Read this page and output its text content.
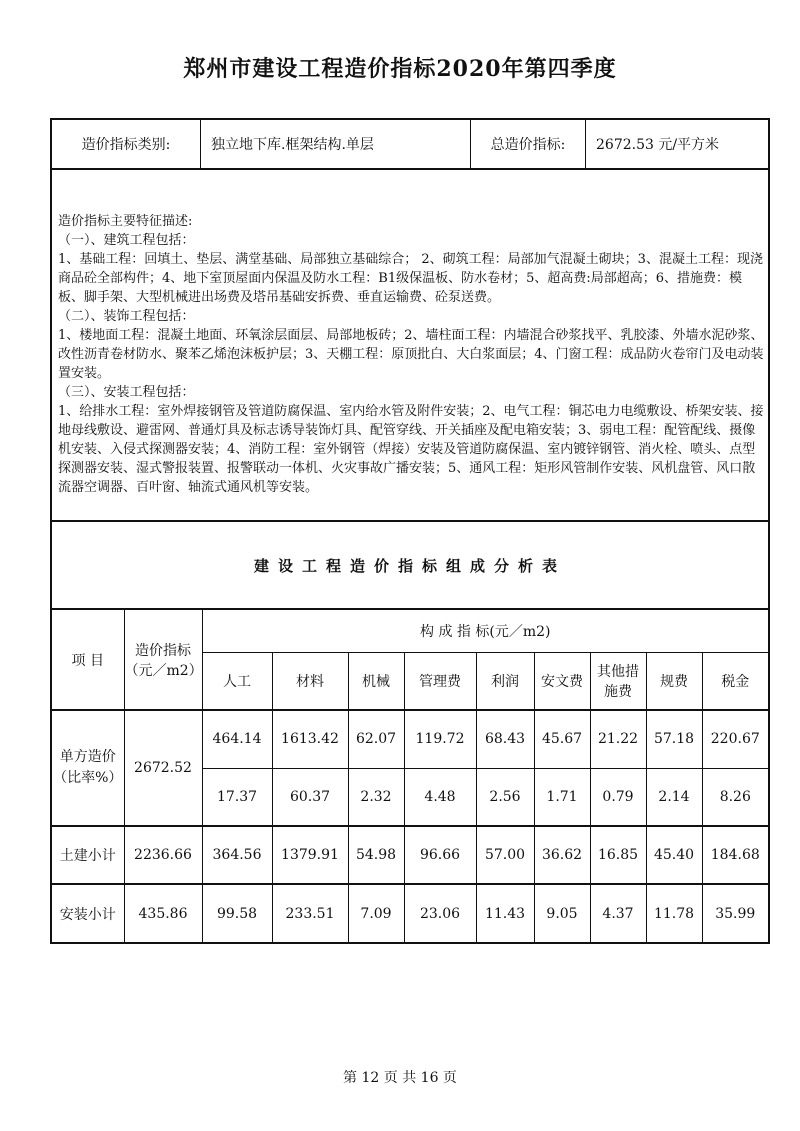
郑州市建设工程造价指标2020年第四季度
造价指标类别:	独立地下库.框架结构.单层	总造价指标:	2672.53 元/平方米

造价指标主要特征描述:

（一）、建筑工程包括：

1、基础工程：回填土、垫层、满堂基础、局部独立基础综合； 2、砌筑工程：局部加气混凝土砌块；3、混凝土工程：现浇商品砼全部构件；4、地下室顶屋面内保温及防水工程：B1级保温板、防水卷材；5、超高费:局部超高；6、措施费：模板、脚手架、大型机械进出场费及塔吊基础安拆费、垂直运输费、砼泵送费。

（二）、装饰工程包括：

1、楼地面工程：混凝土地面、环氧涂层面层、局部地板砖；2、墙柱面工程：内墙混合砂浆找平、乳胶漆、外墙水泥砂浆、改性沥青卷材防水、聚苯乙烯泡沫板护层；3、天棚工程：原顶批白、大白浆面层；4、门窗工程：成品防火卷帘门及电动装置安装。

（三）、安装工程包括：

1、给排水工程：室外焊接钢管及管道防腐保温、室内给水管及附件安装；2、电气工程：铜芯电力电缆敷设、桥架安装、接地母线敷设、避雷网、普通灯具及标志诱导装饰灯具、配管穿线、开关插座及配电箱安装；3、弱电工程：配管配线、摄像机安装、入侵式探测器安装；4、消防工程：室外钢管（焊接）安装及管道防腐保温、室内镀锌钢管、消火栓、喷头、点型探测器安装、湿式警报装置、报警联动一体机、火灾事故广播安装；5、通风工程：矩形风管制作安装、风机盘管、风口散流器空调器、百叶窗、轴流式通风机等安装。

建设工程造价指标组成分析表
项 目	造价指标
（元／m2）	构 成 指 标(元／m2)								
		人工	材料	机械	管理费	利润	安文费	其他措施费	规费	税金
单方造价（比率%）	2672.52	464.14	1613.42	62.07	119.72	68.43	45.67	21.22	57.18	220.67
		17.37	60.37	2.32	4.48	2.56	1.71	0.79	2.14	8.26
土建小计	2236.66	364.56	1379.91	54.98	96.66	57.00	36.62	16.85	45.40	184.68
安装小计	435.86	99.58	233.51	7.09	23.06	11.43	9.05	4.37	11.78	35.99
第 12 页 共 16 页
